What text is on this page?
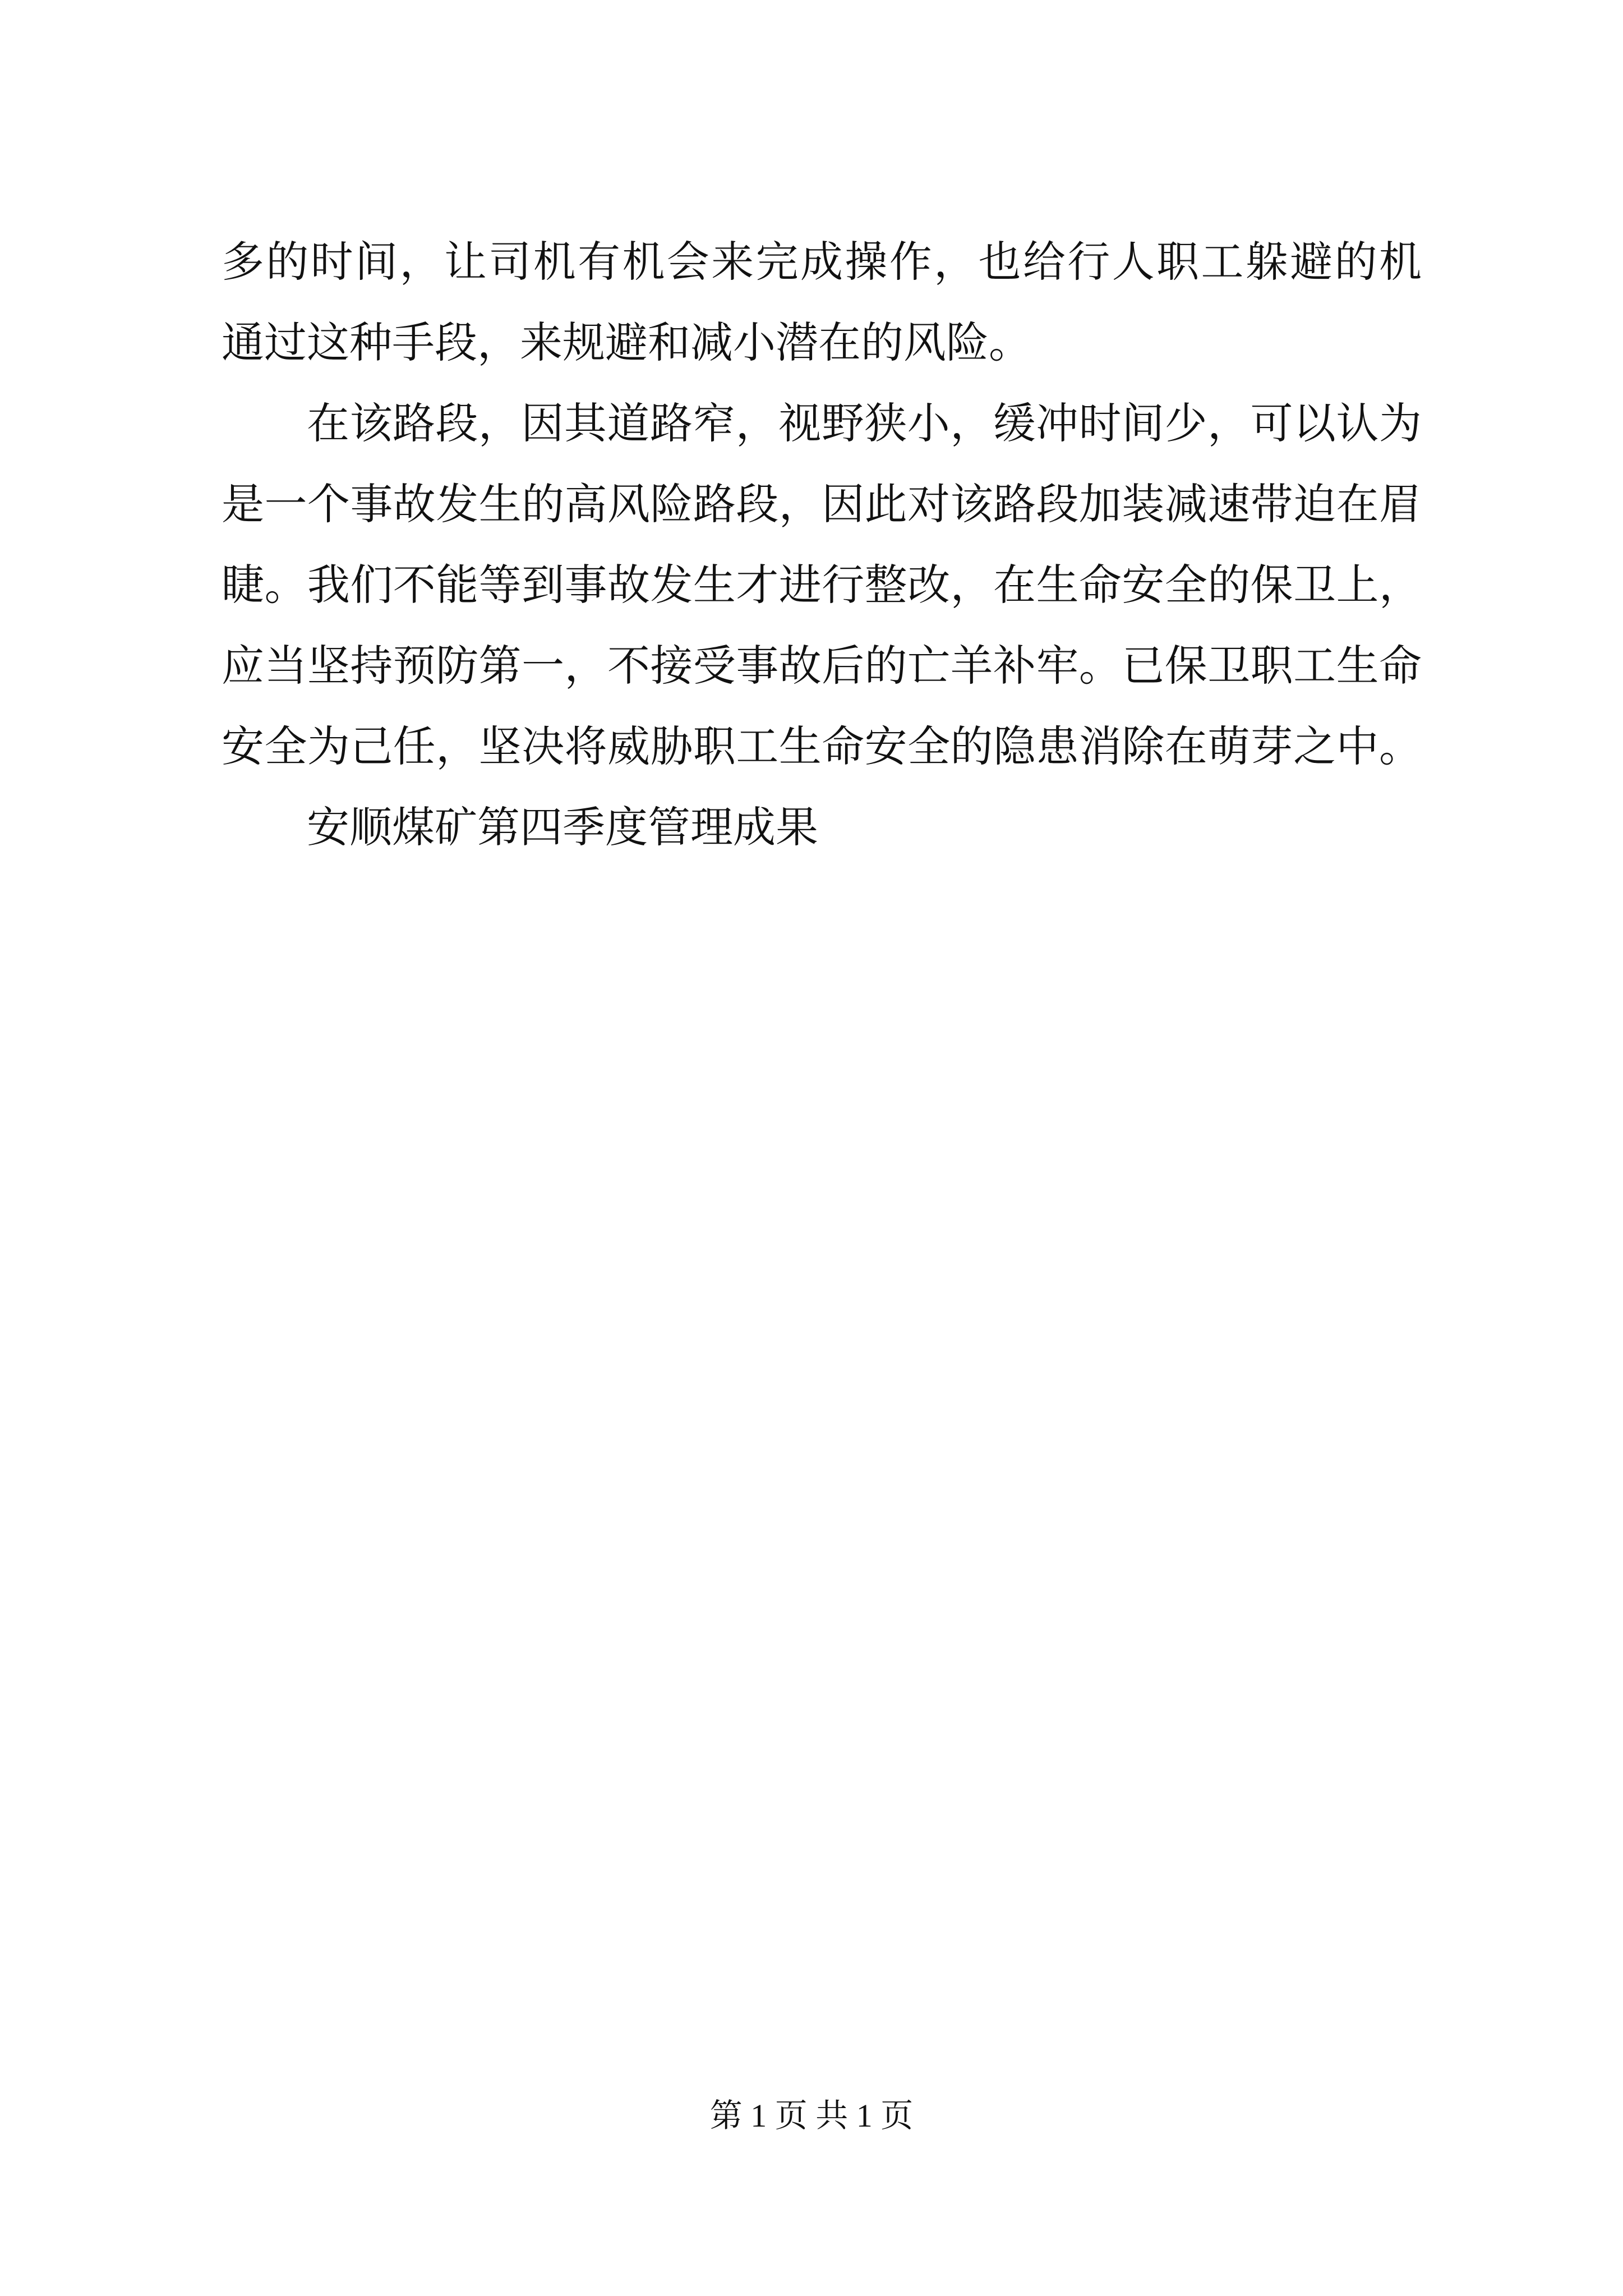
多的时间，让司机有机会来完成操作，也给行人职工躲避的机
通过这种手段，来规避和减小潜在的风险。
在该路段，因其道路窄，视野狭小，缓冲时间少，可以认为
是一个事故发生的高风险路段，因此对该路段加装减速带迫在眉
睫。我们不能等到事故发生才进行整改，在生命安全的保卫上，
应当坚持预防第一，不接受事故后的亡羊补牢。已保卫职工生命
安全为己任，坚决将威胁职工生命安全的隐患消除在萌芽之中。
安顺煤矿第四季度管理成果
第 1 页 共 1 页
